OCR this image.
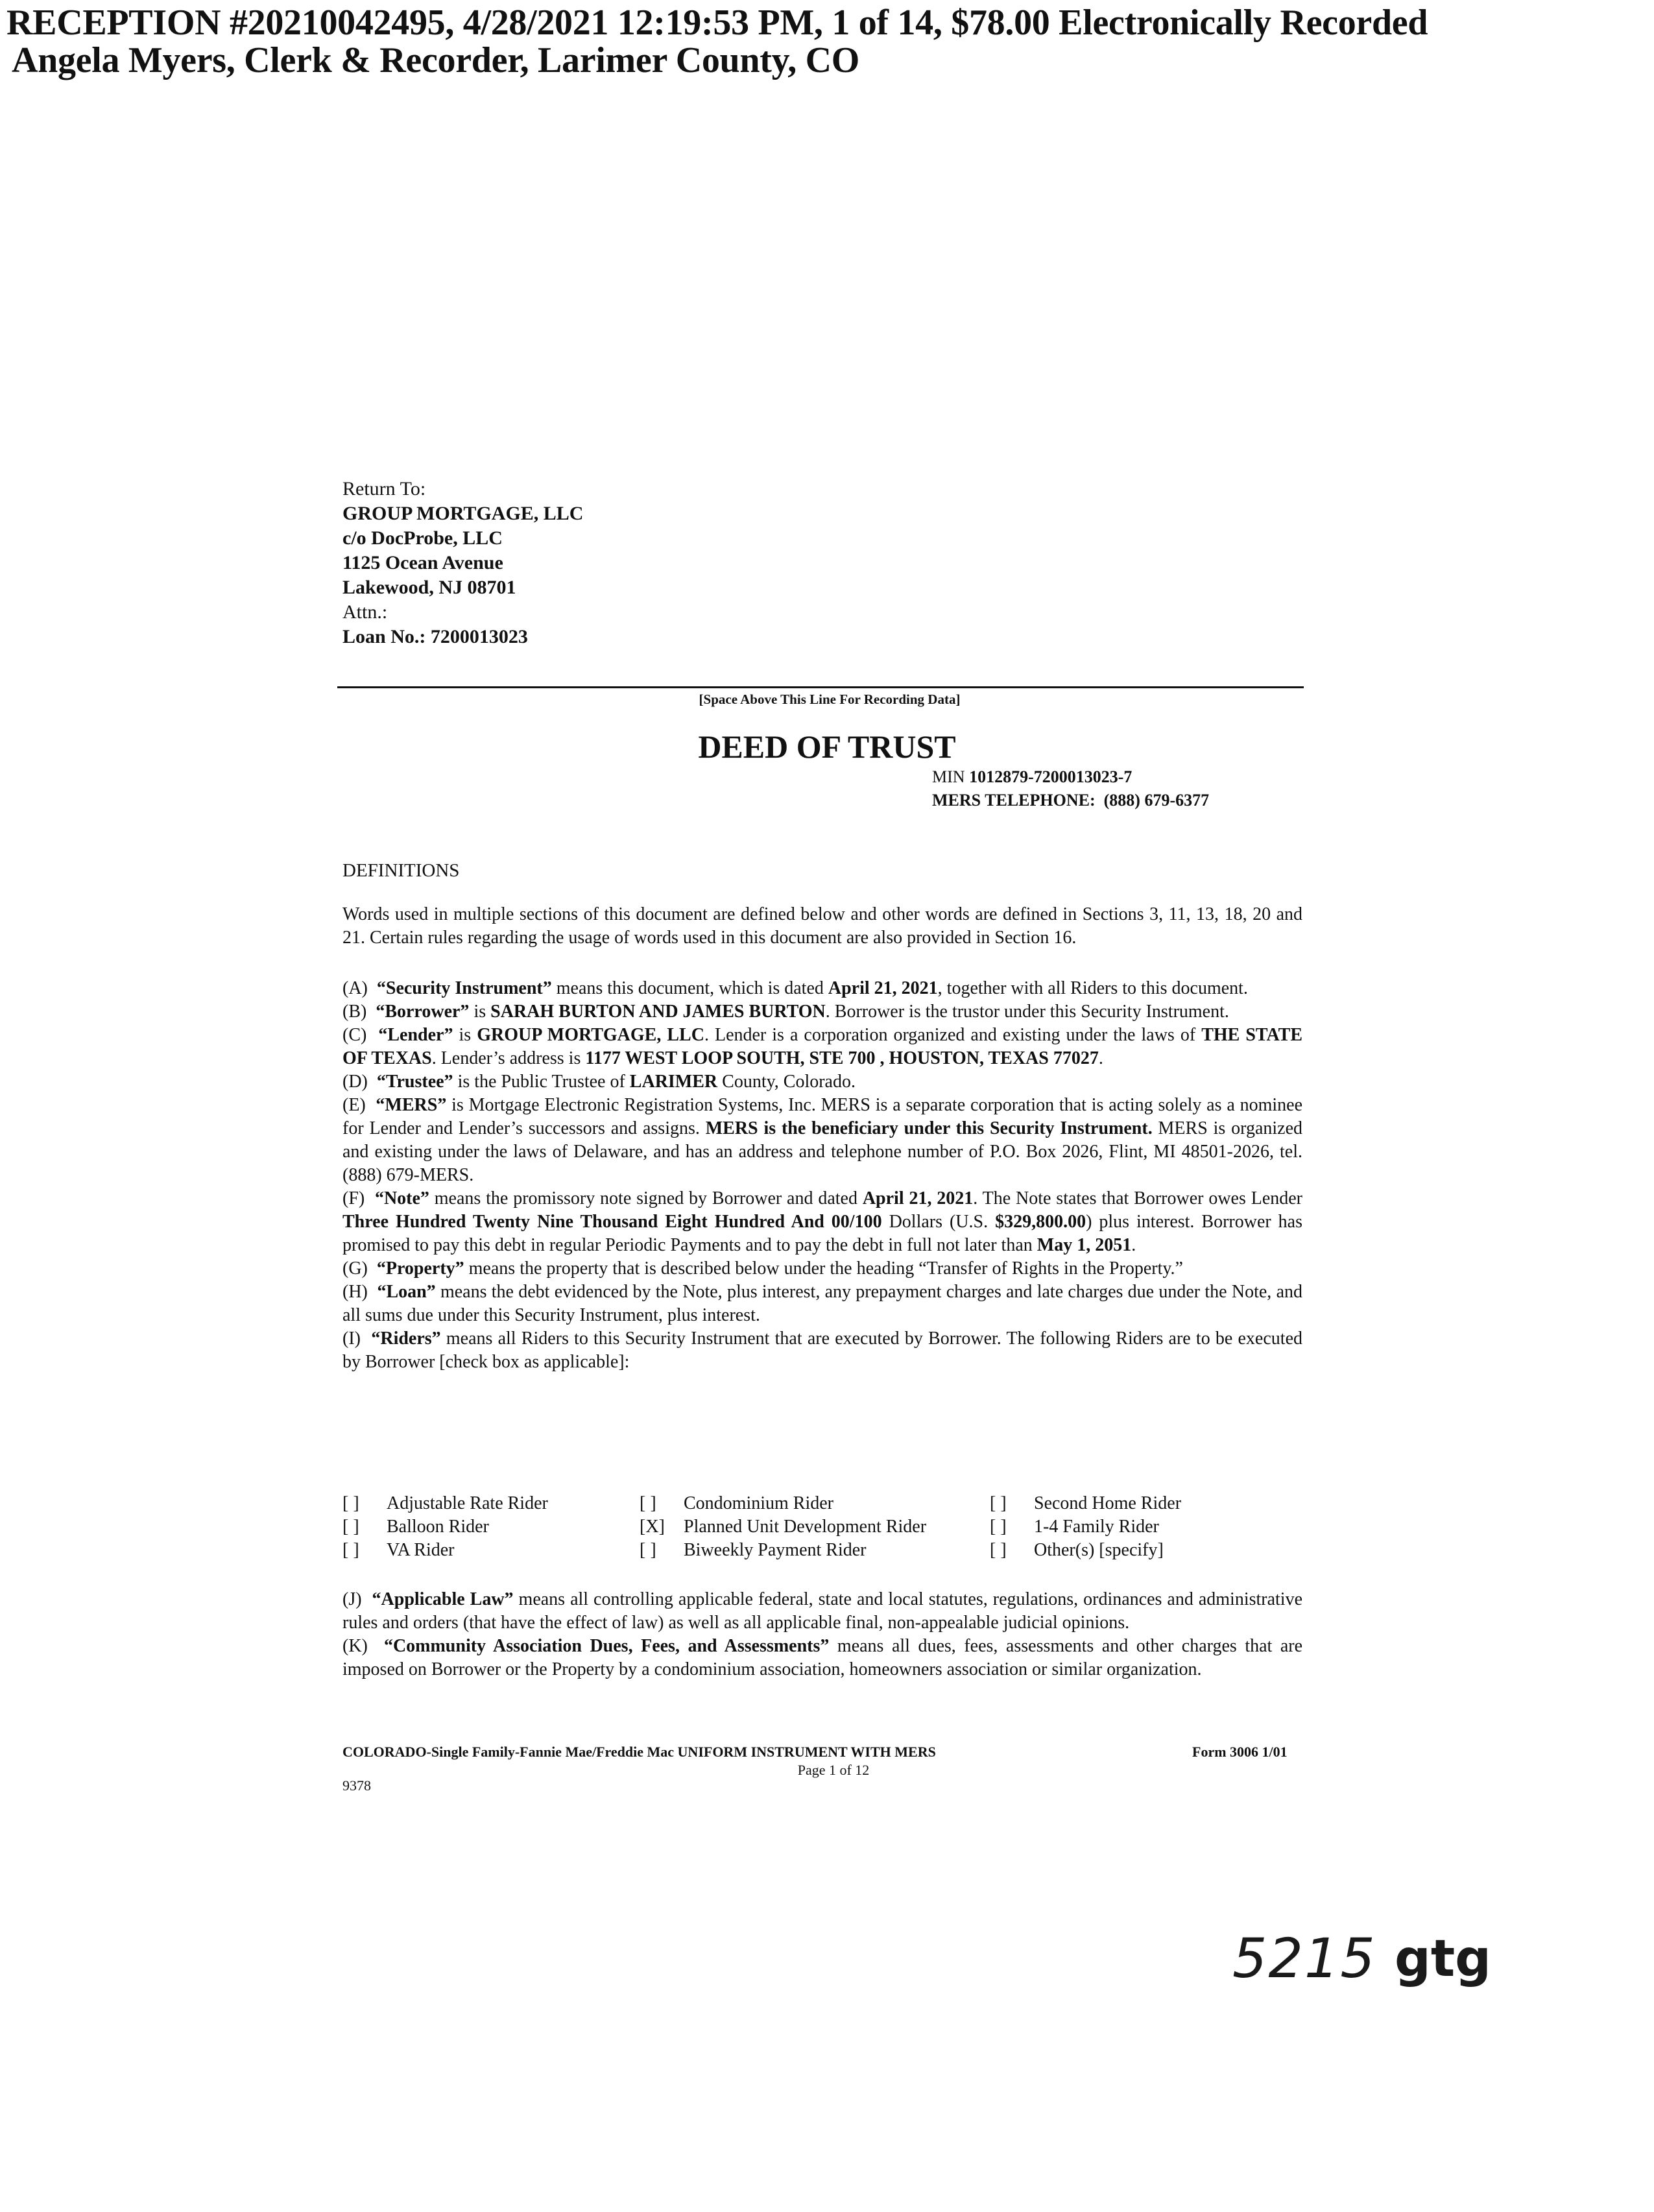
RECEPTION #20210042495, 4/28/2021 12:19:53 PM, 1 of 14, $78.00 Electronically Recorded
Angela Myers, Clerk & Recorder, Larimer County, CO
Return To:
GROUP MORTGAGE, LLC
c/o DocProbe, LLC
1125 Ocean Avenue
Lakewood, NJ 08701
Attn.:
Loan No.: 7200013023
[Space Above This Line For Recording Data]
DEED OF TRUST
MIN 1012879-7200013023-7
MERS TELEPHONE: (888) 679-6377
DEFINITIONS
Words used in multiple sections of this document are defined below and other words are defined in Sections 3, 11, 13, 18, 20 and 21. Certain rules regarding the usage of words used in this document are also provided in Section 16.

(A) “Security Instrument” means this document, which is dated April 21, 2021, together with all Riders to this document.

(B) “Borrower” is SARAH BURTON AND JAMES BURTON. Borrower is the trustor under this Security Instrument.

(C) “Lender” is GROUP MORTGAGE, LLC. Lender is a corporation organized and existing under the laws of THE STATE OF TEXAS. Lender’s address is 1177 WEST LOOP SOUTH, STE 700 , HOUSTON, TEXAS 77027.

(D) “Trustee” is the Public Trustee of LARIMER County, Colorado.

(E) “MERS” is Mortgage Electronic Registration Systems, Inc. MERS is a separate corporation that is acting solely as a nominee for Lender and Lender’s successors and assigns. MERS is the beneficiary under this Security Instrument. MERS is organized and existing under the laws of Delaware, and has an address and telephone number of P.O. Box 2026, Flint, MI 48501-2026, tel. (888) 679-MERS.

(F) “Note” means the promissory note signed by Borrower and dated April 21, 2021. The Note states that Borrower owes Lender Three Hundred Twenty Nine Thousand Eight Hundred And 00/100 Dollars (U.S. $329,800.00) plus interest. Borrower has promised to pay this debt in regular Periodic Payments and to pay the debt in full not later than May 1, 2051.

(G) “Property” means the property that is described below under the heading “Transfer of Rights in the Property.”

(H) “Loan” means the debt evidenced by the Note, plus interest, any prepayment charges and late charges due under the Note, and all sums due under this Security Instrument, plus interest.

(I) “Riders” means all Riders to this Security Instrument that are executed by Borrower. The following Riders are to be executed by Borrower [check box as applicable]:

[ ]	Adjustable Rate Rider	[ ]	Condominium Rider	[ ]	Second Home Rider
[ ]	Balloon Rider	[X]	Planned Unit Development Rider	[ ]	1-4 Family Rider
[ ]	VA Rider	[ ]	Biweekly Payment Rider	[ ]	Other(s) [specify]

(J) “Applicable Law” means all controlling applicable federal, state and local statutes, regulations, ordinances and administrative rules and orders (that have the effect of law) as well as all applicable final, non-appealable judicial opinions.

(K) “Community Association Dues, Fees, and Assessments” means all dues, fees, assessments and other charges that are imposed on Borrower or the Property by a condominium association, homeowners association or similar organization.

COLORADO-Single Family-Fannie Mae/Freddie Mac UNIFORM INSTRUMENT WITH MERS	Form 3006 1/01
Page 1 of 12
9378
5215 gtg
